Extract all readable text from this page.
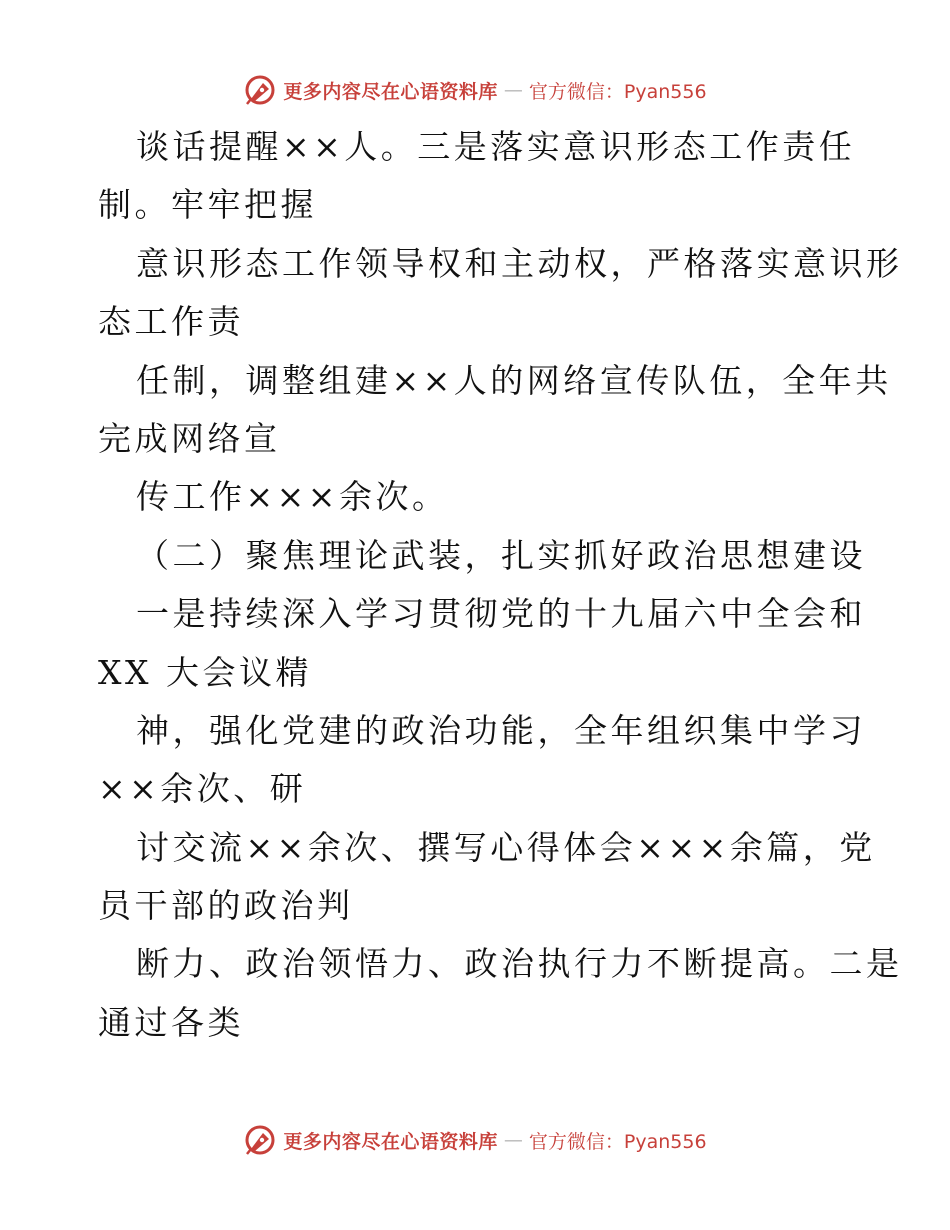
更多内容尽在心语资料库 — 官方微信：Pyan556
谈话提醒××人。三是落实意识形态工作责任
制。牢牢把握
意识形态工作领导权和主动权，严格落实意识形
态工作责
任制，调整组建××人的网络宣传队伍，全年共
完成网络宣
传工作×××余次。
（二）聚焦理论武装，扎实抓好政治思想建设
一是持续深入学习贯彻党的十九届六中全会和
XX 大会议精
神，强化党建的政治功能，全年组织集中学习
××余次、研
讨交流××余次、撰写心得体会×××余篇，党
员干部的政治判
断力、政治领悟力、政治执行力不断提高。二是
通过各类
更多内容尽在心语资料库 — 官方微信：Pyan556
